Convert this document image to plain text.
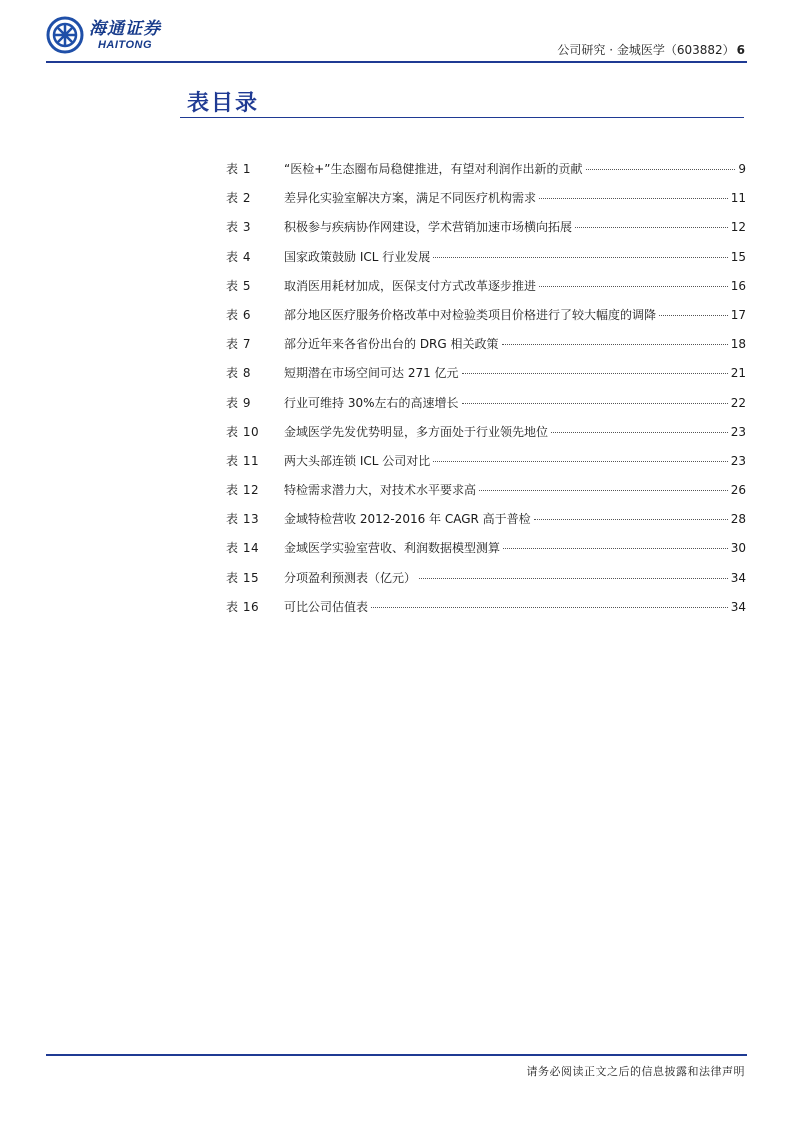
海通证券
HAITONG	公司研究 · 金城医学（603882） 6
表目录
表 1	“医检+”生态圈布局稳健推进，有望对利润作出新的贡献	9
表 2	差异化实验室解决方案，满足不同医疗机构需求	11
表 3	积极参与疾病协作网建设，学术营销加速市场横向拓展	12
表 4	国家政策鼓励 ICL 行业发展	15
表 5	取消医用耗材加成，医保支付方式改革逐步推进	16
表 6	部分地区医疗服务价格改革中对检验类项目价格进行了较大幅度的调降	17
表 7	部分近年来各省份出台的 DRG 相关政策	18
表 8	短期潜在市场空间可达 271 亿元	21
表 9	行业可维持 30%左右的高速增长	22
表 10	金域医学先发优势明显，多方面处于行业领先地位	23
表 11	两大头部连锁 ICL 公司对比	23
表 12	特检需求潜力大，对技术水平要求高	26
表 13	金域特检营收 2012-2016 年 CAGR 高于普检	28
表 14	金域医学实验室营收、利润数据模型测算	30
表 15	分项盈利预测表（亿元）	34
表 16	可比公司估值表	34
请务必阅读正文之后的信息披露和法律声明
